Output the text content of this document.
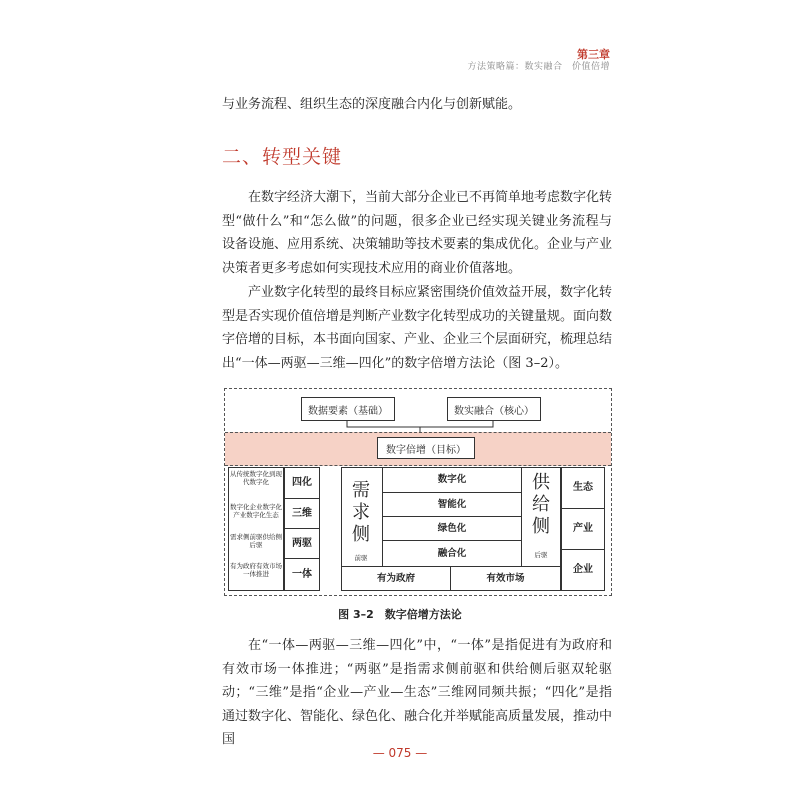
第三章
方法策略篇：数实融合　价值倍增
与业务流程、组织生态的深度融合内化与创新赋能。
二、转型关键
在数字经济大潮下，当前大部分企业已不再简单地考虑数字化转型“做什么”和“怎么做”的问题，很多企业已经实现关键业务流程与设备设施、应用系统、决策辅助等技术要素的集成优化。企业与产业决策者更多考虑如何实现技术应用的商业价值落地。
产业数字化转型的最终目标应紧密围绕价值效益开展，数字化转型是否实现价值倍增是判断产业数字化转型成功的关键量规。面向数字倍增的目标，本书面向国家、产业、企业三个层面研究，梳理总结出“一体—两驱—三维—四化”的数字倍增方法论（图 3–2）。
数据要素（基础）	数实融合（核心）
数字倍增（目标）
从传统数字化到现代数字化
数字化企业数字化产业数字化生态
需求侧前驱供给侧后驱
有为政府有效市场一体推进
四化
三维
两驱
一体
需
求
侧
前驱
数字化
智能化
绿色化
融合化
供
给
侧
后驱
有为政府	有效市场
生态
产业
企业
图 3–2　数字倍增方法论
在“一体—两驱—三维—四化”中，“一体”是指促进有为政府和有效市场一体推进；“两驱”是指需求侧前驱和供给侧后驱双轮驱动；“三维”是指“企业—产业—生态”三维网同频共振；“四化”是指通过数字化、智能化、绿色化、融合化并举赋能高质量发展，推动中国
— 075 —
